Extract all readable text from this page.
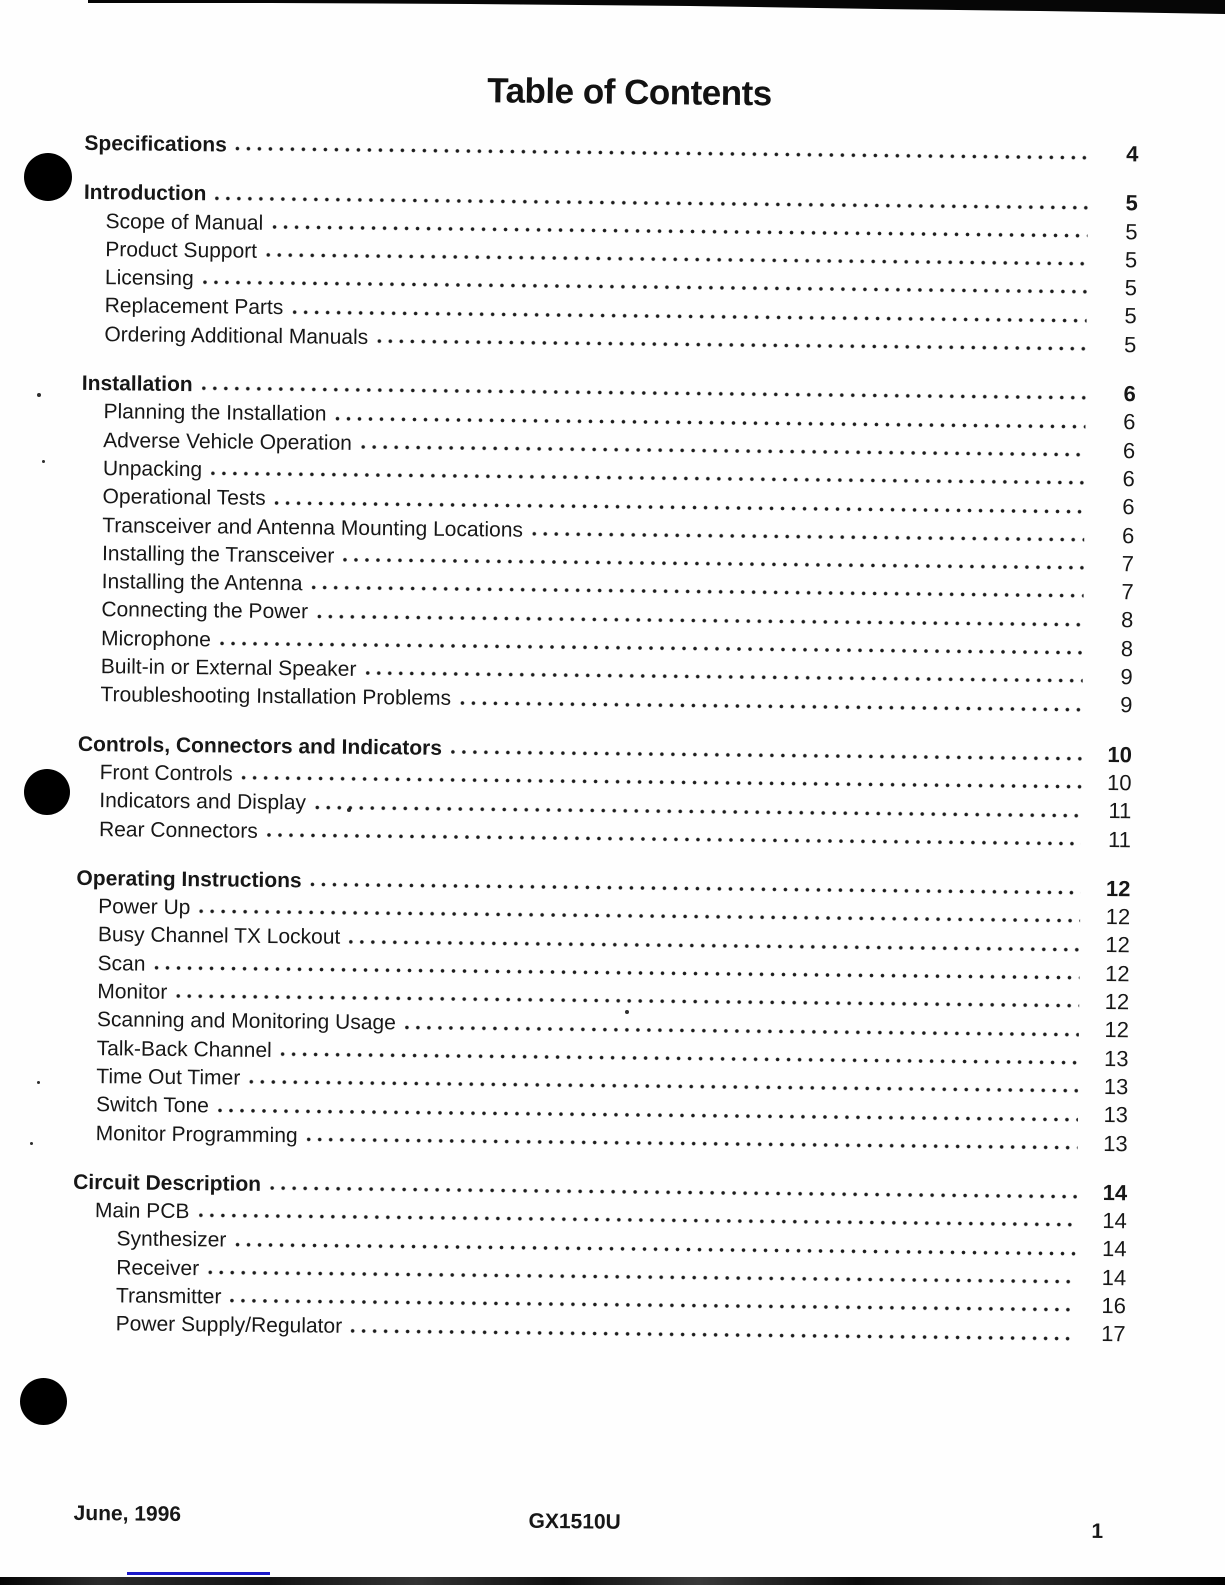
Table of Contents
Specifications	4
Introduction	5
Scope of Manual	5
Product Support	5
Licensing	5
Replacement Parts	5
Ordering Additional Manuals	5
Installation	6
Planning the Installation	6
Adverse Vehicle Operation	6
Unpacking	6
Operational Tests	6
Transceiver and Antenna Mounting Locations	6
Installing the Transceiver	7
Installing the Antenna	7
Connecting the Power	8
Microphone	8
Built-in or External Speaker	9
Troubleshooting Installation Problems	9
Controls, Connectors and Indicators	10
Front Controls	10
Indicators and Display	11
Rear Connectors	11
Operating Instructions	12
Power Up	12
Busy Channel TX Lockout	12
Scan	12
Monitor	12
Scanning and Monitoring Usage	12
Talk-Back Channel	13
Time Out Timer	13
Switch Tone	13
Monitor Programming	13
Circuit Description	14
Main PCB	14
Synthesizer	14
Receiver	14
Transmitter	16
Power Supply/Regulator	17
June, 1996	GX1510U	1
